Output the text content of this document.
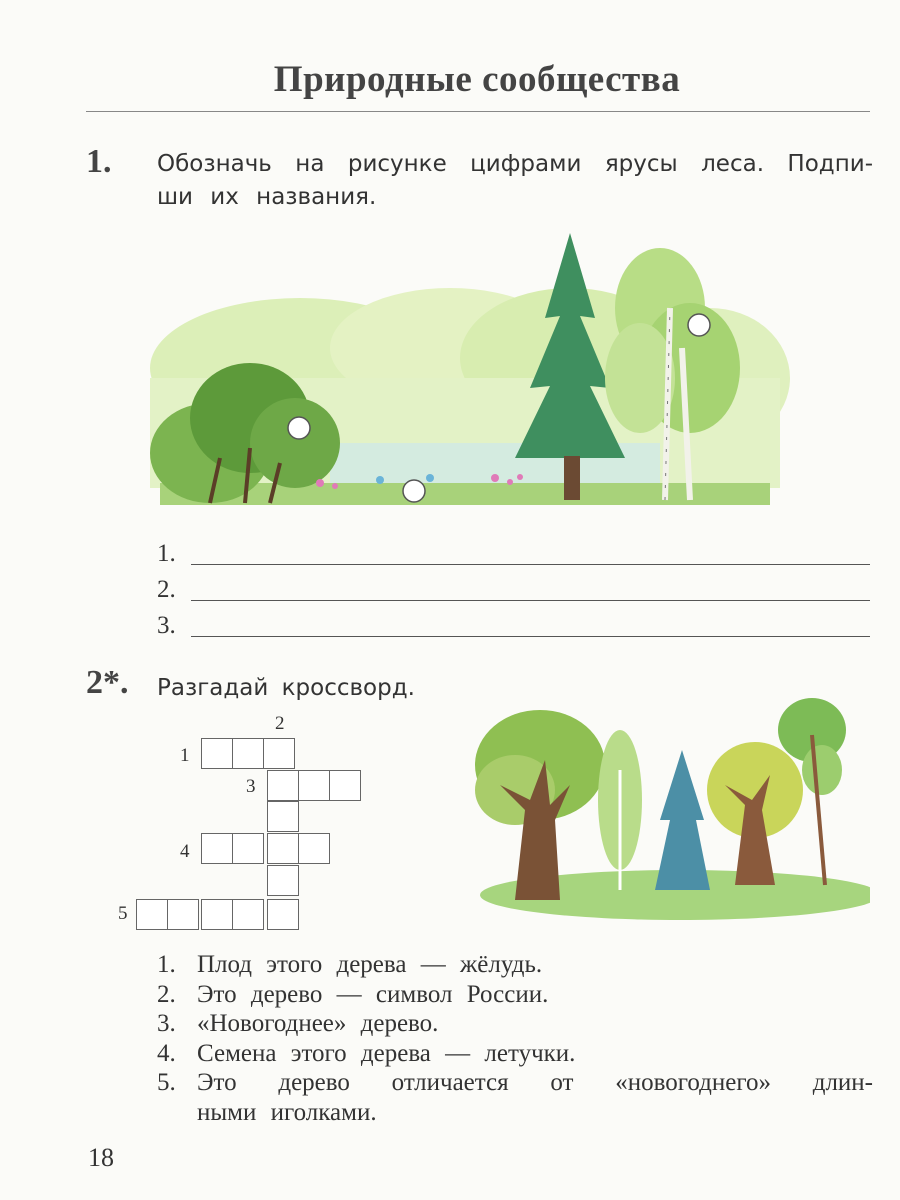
Природные сообщества
1. Обозначь на рисунке цифрами ярусы леса. Подпи-
ши их названия.
1.
2.
3.
2*. Разгадай кроссворд.
2
1
3
4
5
1. Плод этого дерева — жёлудь.
2. Это дерево — символ России.
3. «Новогоднее» дерево.
4. Семена этого дерева — летучки.
5. Это дерево отличается от «новогоднего» длин-
ными иголками.
18
